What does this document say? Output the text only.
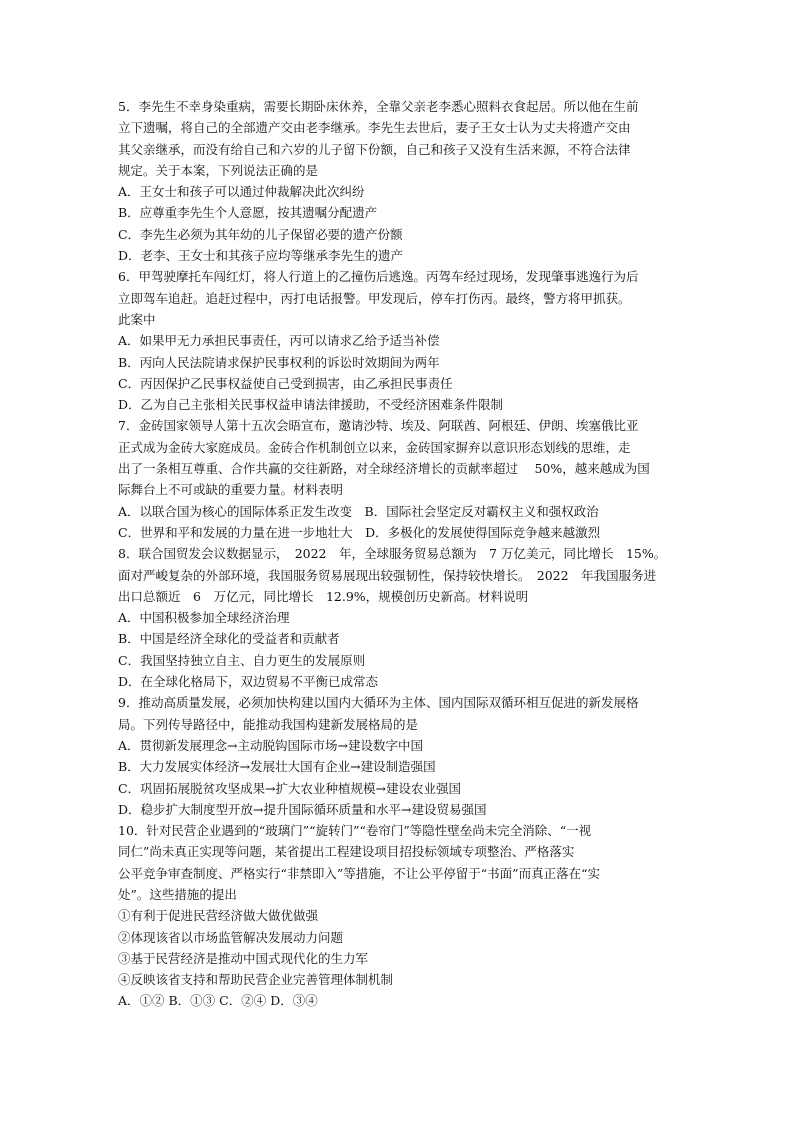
5．李先生不幸身染重病，需要长期卧床休养，全靠父亲老李悉心照料衣食起居。所以他在生前
立下遗嘱，将自己的全部遗产交由老李继承。李先生去世后，妻子王女士认为丈夫将遗产交由
其父亲继承，而没有给自己和六岁的儿子留下份额，自己和孩子又没有生活来源，不符合法律
规定。关于本案，下列说法正确的是
A．王女士和孩子可以通过仲裁解决此次纠纷
B．应尊重李先生个人意愿，按其遗嘱分配遗产
C．李先生必须为其年幼的儿子保留必要的遗产份额
D．老李、王女士和其孩子应均等继承李先生的遗产
6．甲驾驶摩托车闯红灯，将人行道上的乙撞伤后逃逸。丙驾车经过现场，发现肇事逃逸行为后
立即驾车追赶。追赶过程中，丙打电话报警。甲发现后，停车打伤丙。最终，警方将甲抓获。
此案中
A．如果甲无力承担民事责任，丙可以请求乙给予适当补偿
B．丙向人民法院请求保护民事权利的诉讼时效期间为两年
C．丙因保护乙民事权益使自己受到损害，由乙承担民事责任
D．乙为自己主张相关民事权益申请法律援助，不受经济困难条件限制
7．金砖国家领导人第十五次会晤宣布，邀请沙特、埃及、阿联酋、阿根廷、伊朗、埃塞俄比亚
正式成为金砖大家庭成员。金砖合作机制创立以来，金砖国家摒弃以意识形态划线的思维，走
出了一条相互尊重、合作共赢的交往新路，对全球经济增长的贡献率超过　 50%，越来越成为国
际舞台上不可或缺的重要力量。材料表明
A．以联合国为核心的国际体系正发生改变　B．国际社会坚定反对霸权主义和强权政治
C．世界和平和发展的力量在进一步地壮大　D．多极化的发展使得国际竞争越来越激烈
8．联合国贸发会议数据显示，　2022　年，全球服务贸易总额为　7 万亿美元，同比增长　15%。
面对严峻复杂的外部环境，我国服务贸易展现出较强韧性，保持较快增长。　2022　年我国服务进
出口总额近　6　万亿元，同比增长　12.9%，规模创历史新高。材料说明
A．中国积极参加全球经济治理
B．中国是经济全球化的受益者和贡献者
C．我国坚持独立自主、自力更生的发展原则
D．在全球化格局下，双边贸易不平衡已成常态
9．推动高质量发展，必须加快构建以国内大循环为主体、国内国际双循环相互促进的新发展格
局。下列传导路径中，能推动我国构建新发展格局的是
A．贯彻新发展理念→主动脱钩国际市场→建设数字中国
B．大力发展实体经济→发展壮大国有企业→建设制造强国
C．巩固拓展脱贫攻坚成果→扩大农业种植规模→建设农业强国
D．稳步扩大制度型开放→提升国际循环质量和水平→建设贸易强国
10．针对民营企业遇到的“玻璃门”“旋转门”“卷帘门”等隐性壁垒尚未完全消除、“一视
同仁”尚未真正实现等问题，某省提出工程建设项目招投标领域专项整治、严格落实
公平竞争审查制度、严格实行“非禁即入”等措施，不让公平停留于“书面”而真正落在“实
处”。这些措施的提出
①有利于促进民营经济做大做优做强
②体现该省以市场监管解决发展动力问题
③基于民营经济是推动中国式现代化的生力军
④反映该省支持和帮助民营企业完善管理体制机制
A．①② B．①③ C．②④ D．③④
